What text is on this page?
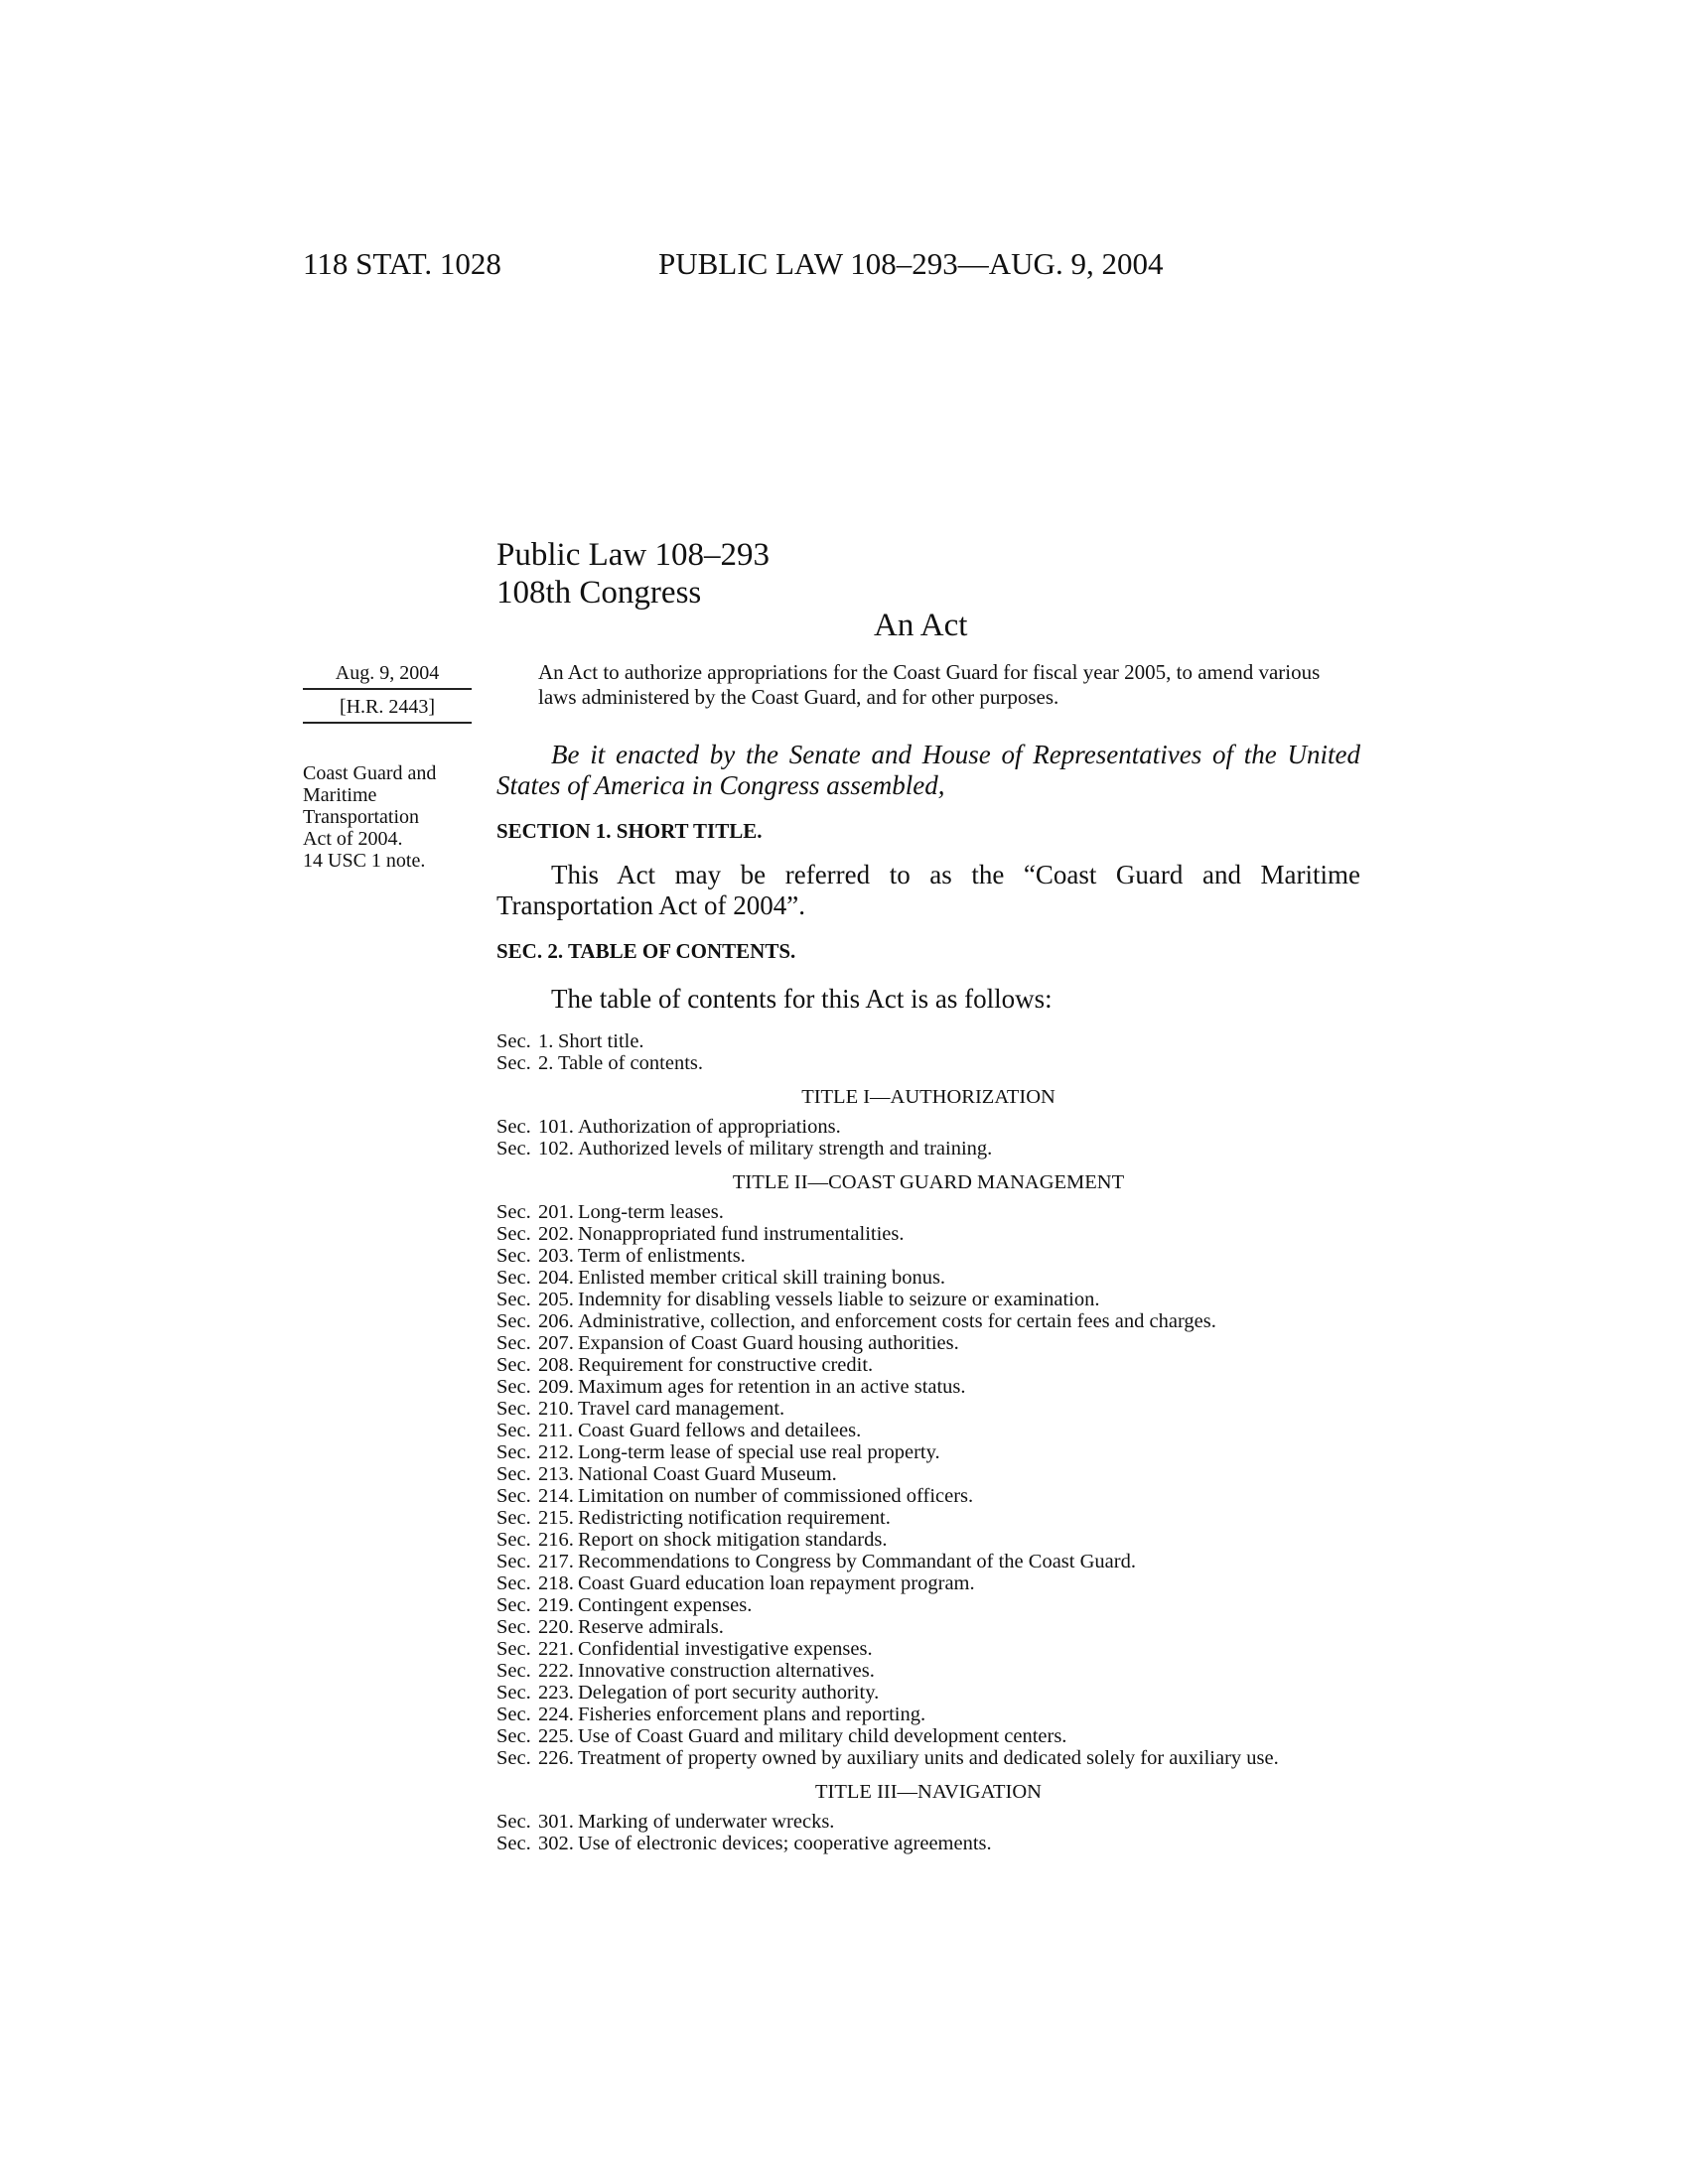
118 STAT. 1028	PUBLIC LAW 108–293—AUG. 9, 2004
Public Law 108–293
108th Congress
An Act
Aug. 9, 2004
[H.R. 2443]
Coast Guard and
Maritime
Transportation
Act of 2004.
14 USC 1 note.

An Act to authorize appropriations for the Coast Guard for fiscal year 2005, to amend various laws administered by the Coast Guard, and for other purposes.

Be it enacted by the Senate and House of Representatives of the United States of America in Congress assembled,

SECTION 1. SHORT TITLE.

This Act may be referred to as the “Coast Guard and Maritime Transportation Act of 2004”.

SEC. 2. TABLE OF CONTENTS.

The table of contents for this Act is as follows:

Sec. 1. Short title.
Sec. 2. Table of contents.
TITLE I—AUTHORIZATION
Sec. 101. Authorization of appropriations.
Sec. 102. Authorized levels of military strength and training.
TITLE II—COAST GUARD MANAGEMENT
Sec. 201. Long-term leases.
Sec. 202. Nonappropriated fund instrumentalities.
Sec. 203. Term of enlistments.
Sec. 204. Enlisted member critical skill training bonus.
Sec. 205. Indemnity for disabling vessels liable to seizure or examination.
Sec. 206. Administrative, collection, and enforcement costs for certain fees and charges.
Sec. 207. Expansion of Coast Guard housing authorities.
Sec. 208. Requirement for constructive credit.
Sec. 209. Maximum ages for retention in an active status.
Sec. 210. Travel card management.
Sec. 211. Coast Guard fellows and detailees.
Sec. 212. Long-term lease of special use real property.
Sec. 213. National Coast Guard Museum.
Sec. 214. Limitation on number of commissioned officers.
Sec. 215. Redistricting notification requirement.
Sec. 216. Report on shock mitigation standards.
Sec. 217. Recommendations to Congress by Commandant of the Coast Guard.
Sec. 218. Coast Guard education loan repayment program.
Sec. 219. Contingent expenses.
Sec. 220. Reserve admirals.
Sec. 221. Confidential investigative expenses.
Sec. 222. Innovative construction alternatives.
Sec. 223. Delegation of port security authority.
Sec. 224. Fisheries enforcement plans and reporting.
Sec. 225. Use of Coast Guard and military child development centers.
Sec. 226. Treatment of property owned by auxiliary units and dedicated solely for auxiliary use.
TITLE III—NAVIGATION
Sec. 301. Marking of underwater wrecks.
Sec. 302. Use of electronic devices; cooperative agreements.
